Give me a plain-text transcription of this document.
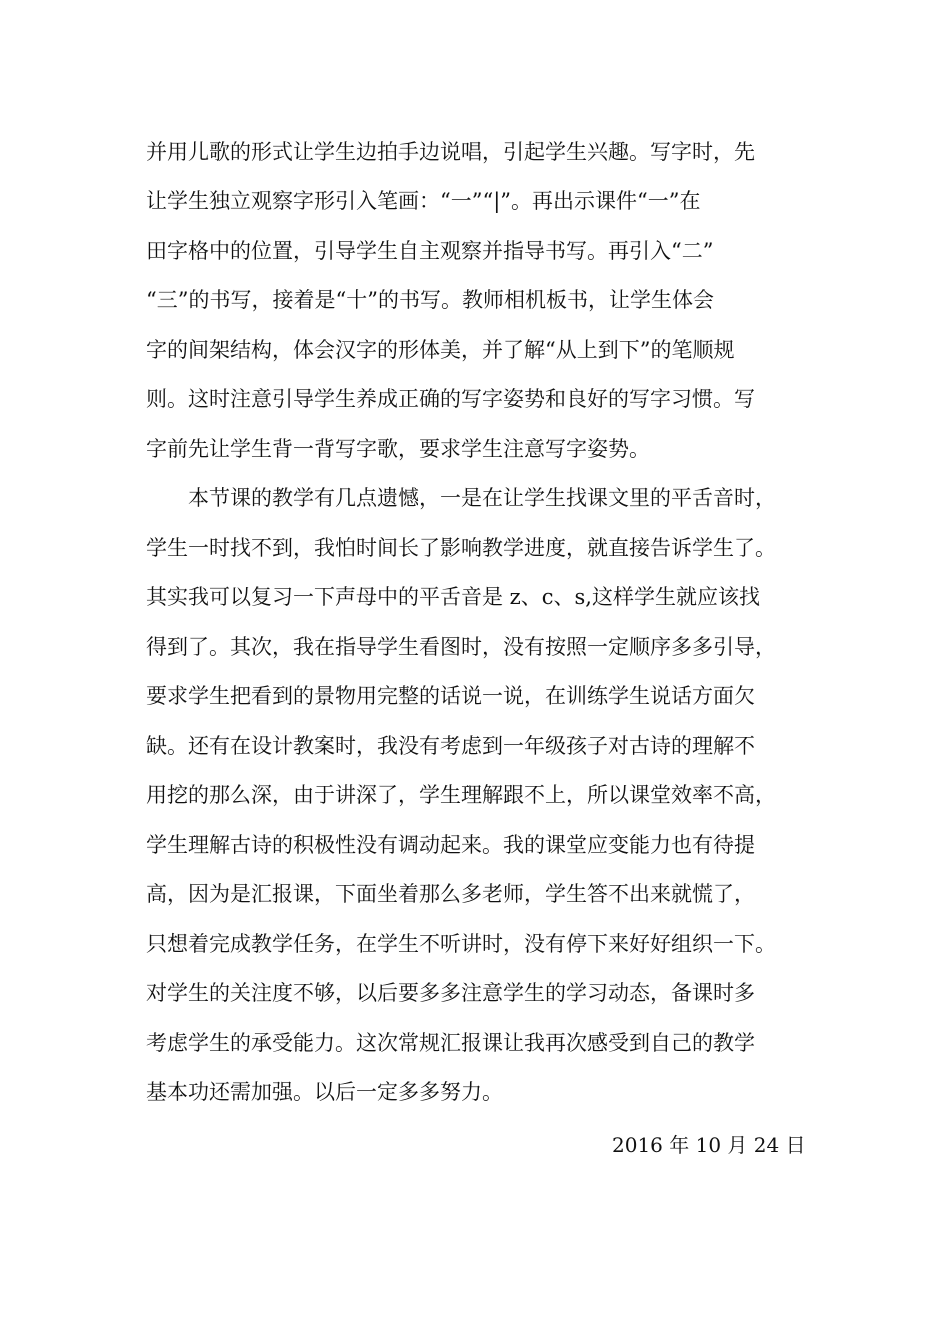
并用儿歌的形式让学生边拍手边说唱，引起学生兴趣。写字时，先
让学生独立观察字形引入笔画：“一”“|”。再出示课件“一”在
田字格中的位置，引导学生自主观察并指导书写。再引入“二”
“三”的书写，接着是“十”的书写。教师相机板书，让学生体会
字的间架结构，体会汉字的形体美，并了解“从上到下”的笔顺规
则。这时注意引导学生养成正确的写字姿势和良好的写字习惯。写
字前先让学生背一背写字歌，要求学生注意写字姿势。
本节课的教学有几点遗憾，一是在让学生找课文里的平舌音时，
学生一时找不到，我怕时间长了影响教学进度，就直接告诉学生了。
其实我可以复习一下声母中的平舌音是 z、c、s,这样学生就应该找
得到了。其次，我在指导学生看图时，没有按照一定顺序多多引导，
要求学生把看到的景物用完整的话说一说，在训练学生说话方面欠
缺。还有在设计教案时，我没有考虑到一年级孩子对古诗的理解不
用挖的那么深，由于讲深了，学生理解跟不上，所以课堂效率不高，
学生理解古诗的积极性没有调动起来。我的课堂应变能力也有待提
高，因为是汇报课，下面坐着那么多老师，学生答不出来就慌了，
只想着完成教学任务，在学生不听讲时，没有停下来好好组织一下。
对学生的关注度不够，以后要多多注意学生的学习动态，备课时多
考虑学生的承受能力。这次常规汇报课让我再次感受到自己的教学
基本功还需加强。以后一定多多努力。
2016 年 10 月 24 日
